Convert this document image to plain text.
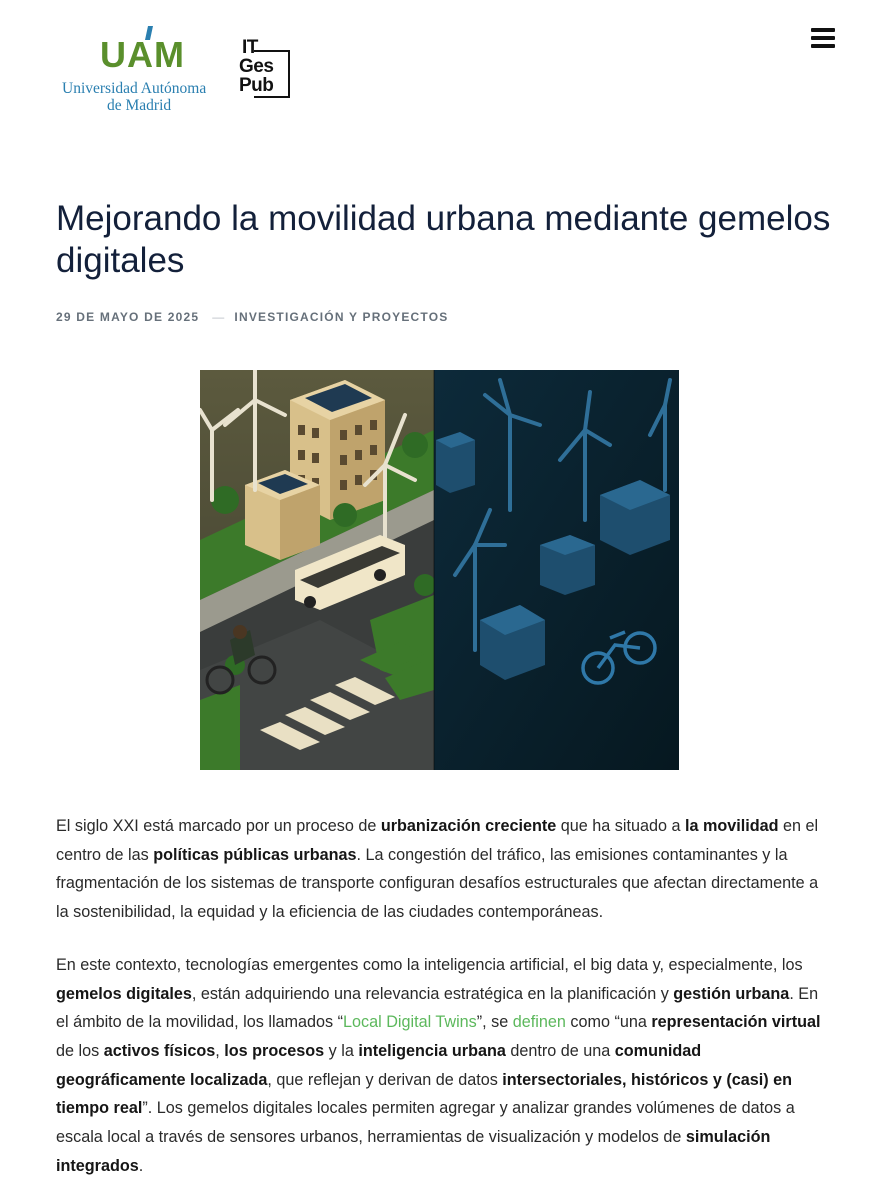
UAM
Universidad Autónoma
de Madrid
IT
Ges
Pub
Mejorando la movilidad urbana mediante gemelos digitales
29 DE MAYO DE 2025 — INVESTIGACIÓN Y PROYECTOS

El siglo XXI está marcado por un proceso de urbanización creciente que ha situado a la movilidad en el centro de las políticas públicas urbanas. La congestión del tráfico, las emisiones contaminantes y la fragmentación de los sistemas de transporte configuran desafíos estructurales que afectan directamente a la sostenibilidad, la equidad y la eficiencia de las ciudades contemporáneas.

En este contexto, tecnologías emergentes como la inteligencia artificial, el big data y, especialmente, los gemelos digitales, están adquiriendo una relevancia estratégica en la planificación y gestión urbana. En el ámbito de la movilidad, los llamados “Local Digital Twins”, se definen como “una representación virtual de los activos físicos, los procesos y la inteligencia urbana dentro de una comunidad geográficamente localizada, que reflejan y derivan de datos intersectoriales, históricos y (casi) en tiempo real”. Los gemelos digitales locales permiten agregar y analizar grandes volúmenes de datos a escala local a través de sensores urbanos, herramientas de visualización y modelos de simulación integrados.
